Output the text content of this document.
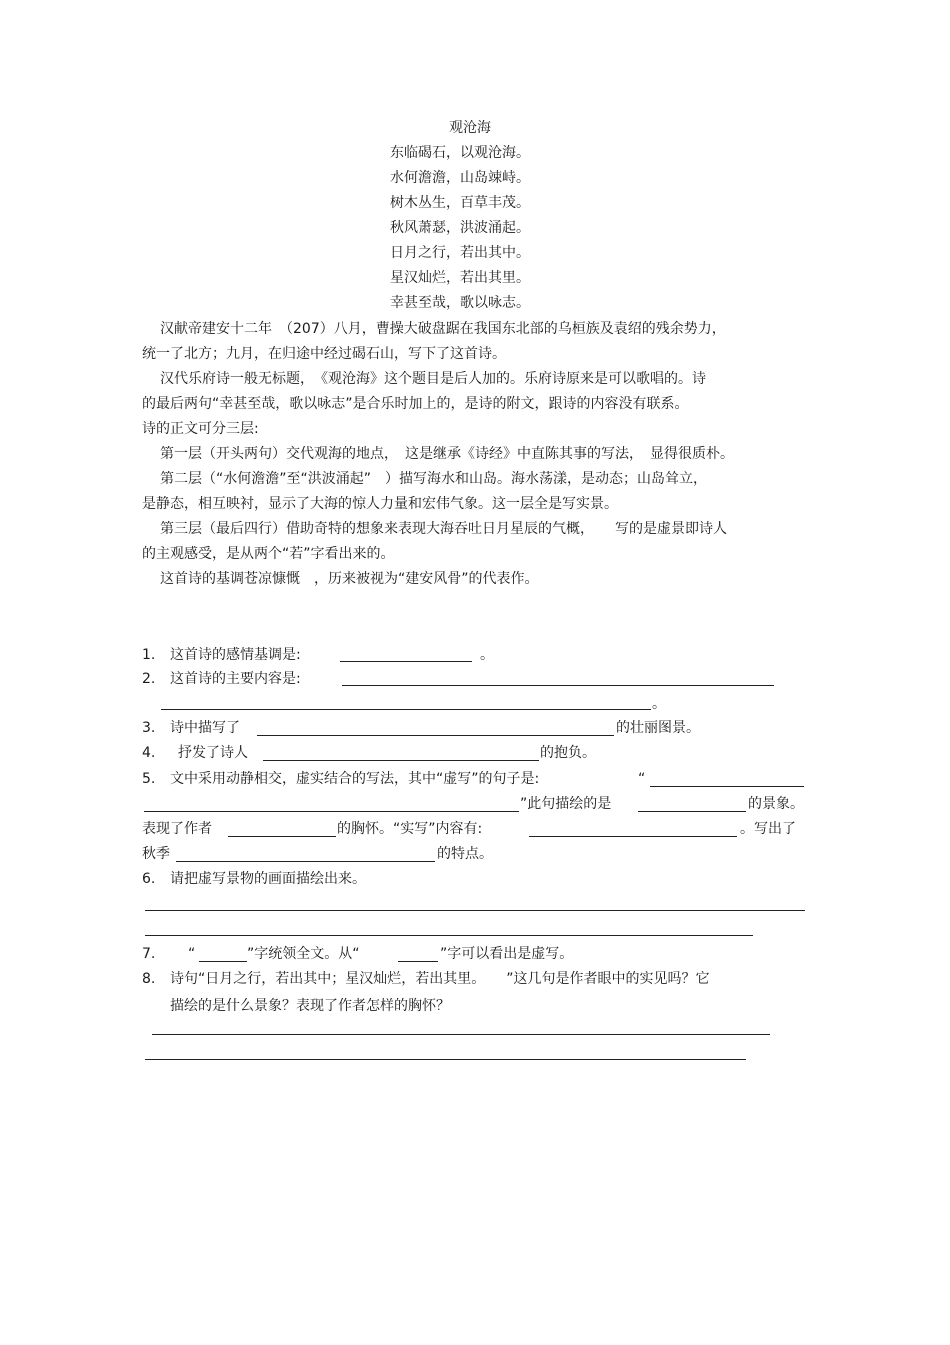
观沧海
东临碣石，以观沧海。
水何澹澹，山岛竦峙。
树木丛生，百草丰茂。
秋风萧瑟，洪波涌起。
日月之行，若出其中。
星汉灿烂，若出其里。
幸甚至哉，歌以咏志。
汉献帝建安十二年　（207）八月，曹操大破盘踞在我国东北部的乌桓族及袁绍的残余势力，
统一了北方；九月，在归途中经过碣石山，写下了这首诗。
汉代乐府诗一般无标题，　《观沧海》这个题目是后人加的。乐府诗原来是可以歌唱的。诗
的最后两句“幸甚至哉，歌以咏志”是合乐时加上的，是诗的附文，跟诗的内容没有联系。
诗的正文可分三层:
第一层（开头两句）交代观海的地点，　这是继承《诗经》中直陈其事的写法，　显得很质朴。
第二层（“水何澹澹”至“洪波涌起”　）描写海水和山岛。海水荡漾，是动态；山岛耸立，
是静态，相互映衬，显示了大海的惊人力量和宏伟气象。这一层全是写实景。
第三层（最后四行）借助奇特的想象来表现大海吞吐日月星辰的气概，　　写的是虚景即诗人
的主观感受，是从两个“若”字看出来的。
这首诗的基调苍凉慷慨　，历来被视为“建安风骨”的代表作。
1. 这首诗的感情基调是:	。
2. 这首诗的主要内容是:
。
3. 诗中描写了	的壮丽图景。
4. 抒发了诗人	的抱负。
5. 文中采用动静相交，虚实结合的写法，其中“虚写”的句子是:	“
”此句描绘的是	的景象。
表现了作者	的胸怀。“实写”内容有:	。写出了
秋季	的特点。
6. 请把虚写景物的画面描绘出来。
7.	“	”字统领全文。从“	”字可以看出是虚写。
8. 诗句“日月之行，若出其中；星汉灿烂，若出其里。　　”这几句是作者眼中的实见吗？它
描绘的是什么景象？表现了作者怎样的胸怀？
